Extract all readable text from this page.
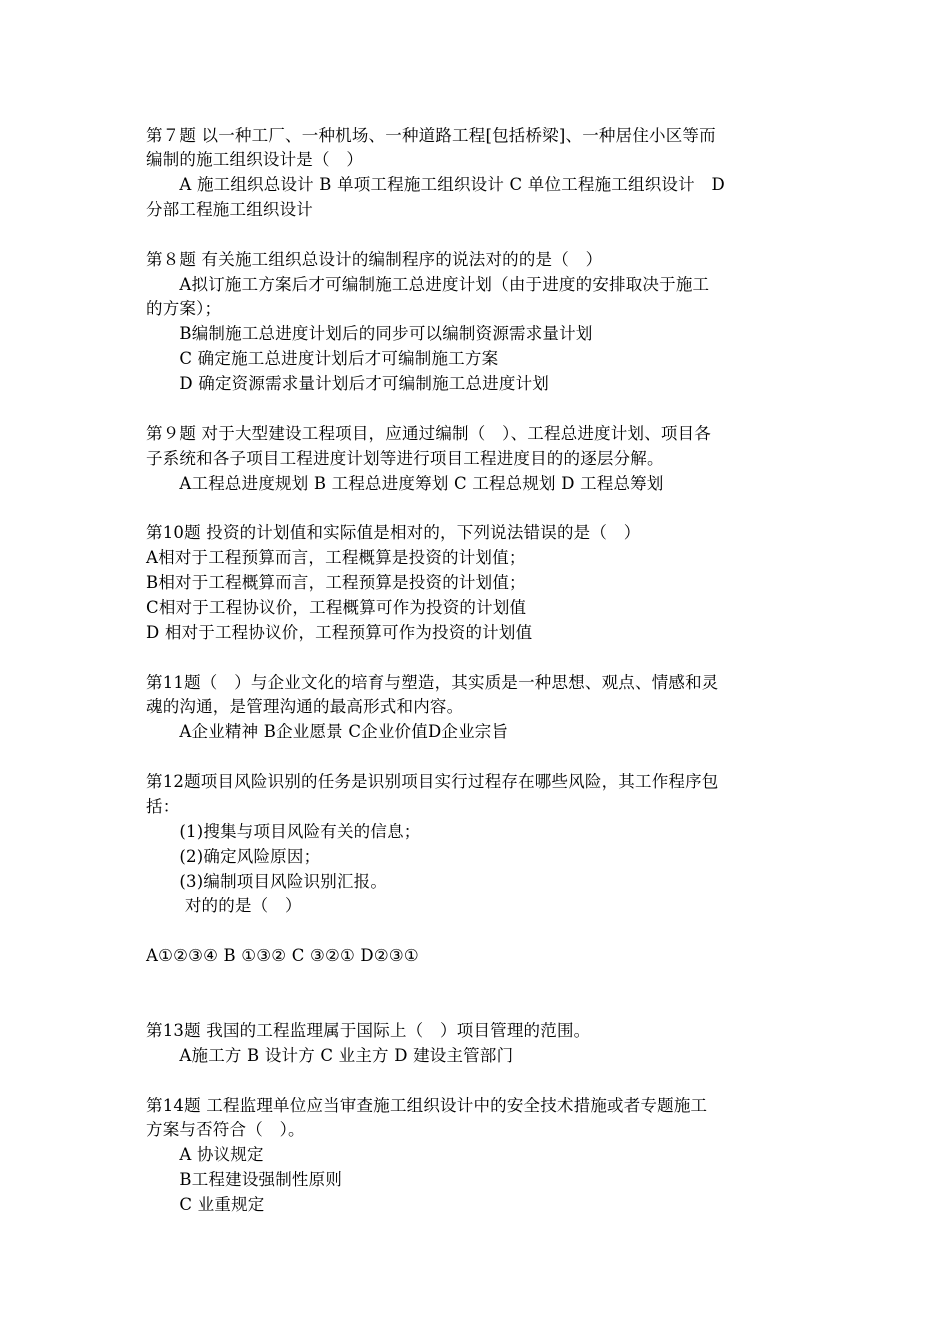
第７题 以一种工厂、一种机场、一种道路工程[包括桥梁]、一种居住小区等而
编制的施工组织设计是（　）
　　A 施工组织总设计 B 单项工程施工组织设计 C 单位工程施工组织设计　D
分部工程施工组织设计
第８题 有关施工组织总设计的编制程序的说法对的的是（　）
　　A拟订施工方案后才可编制施工总进度计划（由于进度的安排取决于施工
的方案）；
　　B编制施工总进度计划后的同步可以编制资源需求量计划
　　C 确定施工总进度计划后才可编制施工方案
　　D 确定资源需求量计划后才可编制施工总进度计划
第９题 对于大型建设工程项目，应通过编制（　）、工程总进度计划、项目各
子系统和各子项目工程进度计划等进行项目工程进度目的的逐层分解。
　　A工程总进度规划 B 工程总进度筹划 C 工程总规划 D 工程总筹划
第10题 投资的计划值和实际值是相对的，下列说法错误的是（　）
A相对于工程预算而言，工程概算是投资的计划值；
B相对于工程概算而言，工程预算是投资的计划值；
C相对于工程协议价，工程概算可作为投资的计划值
D 相对于工程协议价，工程预算可作为投资的计划值
第11题（　）与企业文化的培育与塑造，其实质是一种思想、观点、情感和灵
魂的沟通，是管理沟通的最高形式和内容。
　　A企业精神 B企业愿景 C企业价值D企业宗旨
第12题项目风险识别的任务是识别项目实行过程存在哪些风险，其工作程序包
括：
　　(1)搜集与项目风险有关的信息；
　　(2)确定风险原因；
　　(3)编制项目风险识别汇报。
　　 对的的是（　）
A①②③④ B ①③② C ③②① D②③①
第13题 我国的工程监理属于国际上（　）项目管理的范围。
　　A施工方 B 设计方 C 业主方 D 建设主管部门
第14题 工程监理单位应当审查施工组织设计中的安全技术措施或者专题施工
方案与否符合（　）。
　　A 协议规定
　　B工程建设强制性原则
　　C 业重规定
